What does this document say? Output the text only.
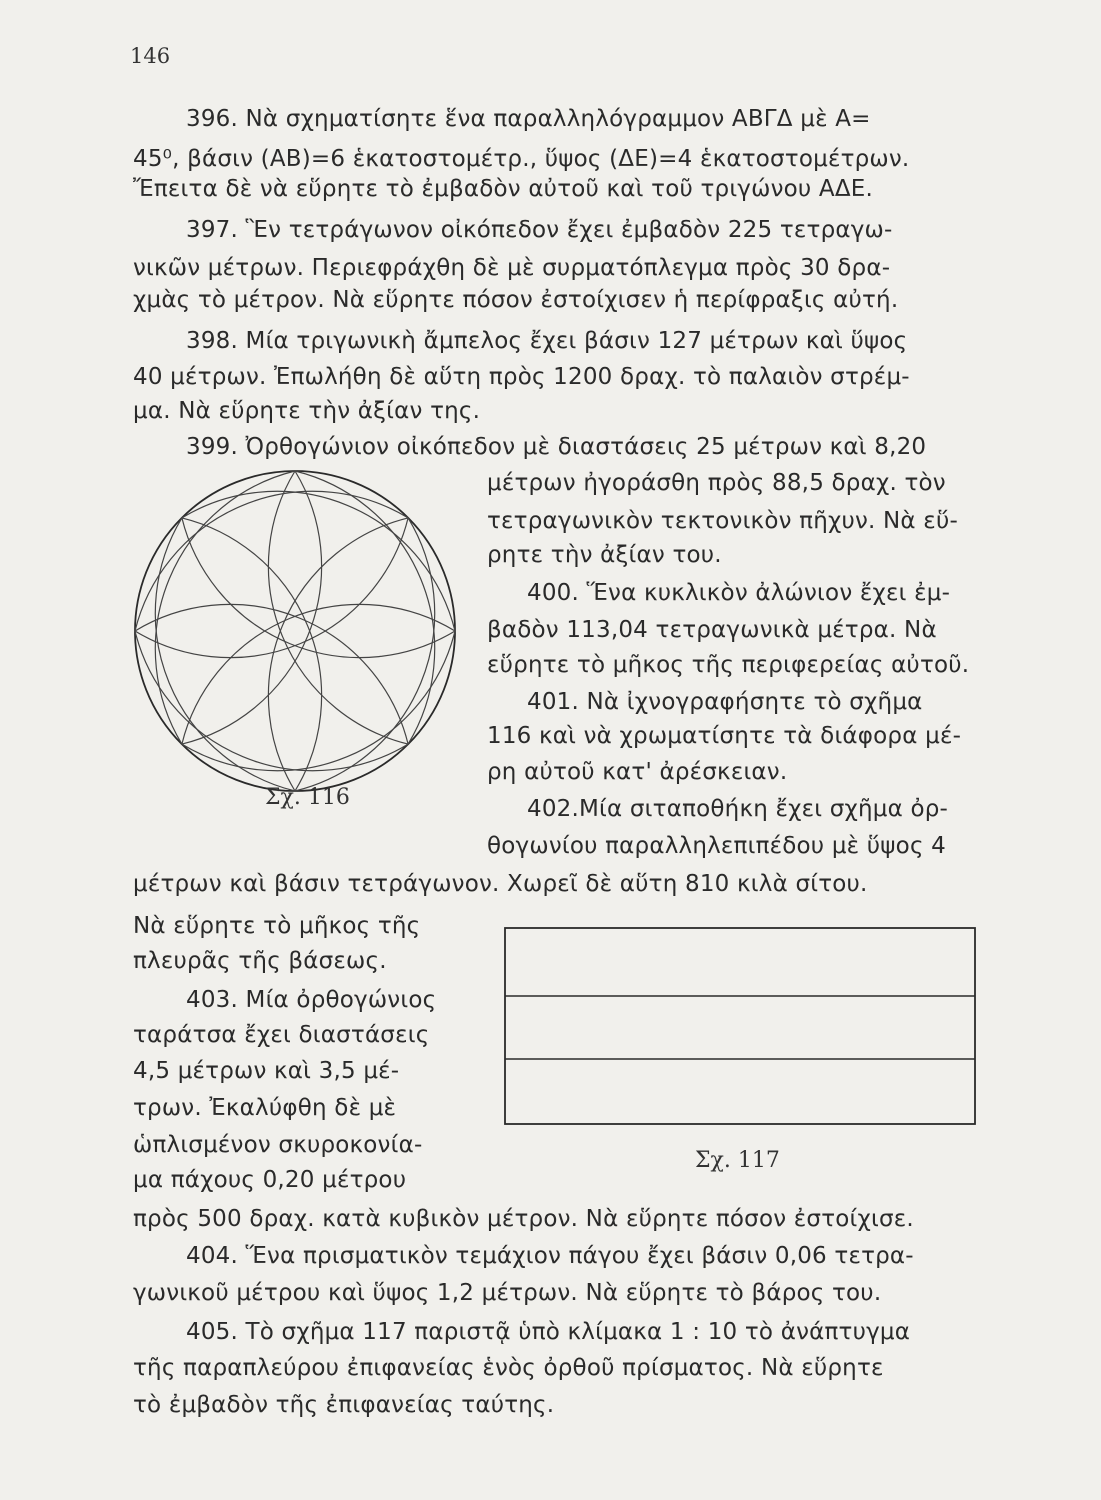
146
396. Νὰ σχηματίσητε ἕνα παραλληλόγραμμον ΑΒΓΔ μὲ Α=
45⁰, βάσιν (ΑΒ)=6 ἑκατοστομέτρ., ὕψος (ΔΕ)=4 ἑκατοστομέτρων.
Ἔπειτα δὲ νὰ εὕρητε τὸ ἐμβαδὸν αὐτοῦ καὶ τοῦ τριγώνου ΑΔΕ.
397. Ἓν τετράγωνον οἰκόπεδον ἔχει ἐμβαδὸν 225 τετραγω-
νικῶν μέτρων. Περιεφράχθη δὲ μὲ συρματόπλεγμα πρὸς 30 δρα-
χμὰς τὸ μέτρον. Νὰ εὕρητε πόσον ἐστοίχισεν ἡ περίφραξις αὐτή.
398. Μία τριγωνικὴ ἄμπελος ἔχει βάσιν 127 μέτρων καὶ ὕψος
40 μέτρων. Ἐπωλήθη δὲ αὕτη πρὸς 1200 δραχ. τὸ παλαιὸν στρέμ-
μα. Νὰ εὕρητε τὴν ἀξίαν της.
399. Ὀρθογώνιον οἰκόπεδον μὲ διαστάσεις 25 μέτρων καὶ 8,20
μέτρων ἠγοράσθη πρὸς 88,5 δραχ. τὸν
τετραγωνικὸν τεκτονικὸν πῆχυν. Νὰ εὕ-
ρητε τὴν ἀξίαν του.
400. Ἕνα κυκλικὸν ἀλώνιον ἔχει ἐμ-
βαδὸν 113,04 τετραγωνικὰ μέτρα. Νὰ
εὕρητε τὸ μῆκος τῆς περιφερείας αὐτοῦ.
401. Νὰ ἰχνογραφήσητε τὸ σχῆμα
116 καὶ νὰ χρωματίσητε τὰ διάφορα μέ-
ρη αὐτοῦ κατ' ἀρέσκειαν.
402.Μία σιταποθήκη ἔχει σχῆμα ὀρ-
θογωνίου παραλληλεπιπέδου μὲ ὕψος 4
μέτρων καὶ βάσιν τετράγωνον. Χωρεῖ δὲ αὕτη 810 κιλὰ σίτου.
Νὰ εὕρητε τὸ μῆκος τῆς
πλευρᾶς τῆς βάσεως.
403. Μία ὀρθογώνιος
ταράτσα ἔχει διαστάσεις
4,5 μέτρων καὶ 3,5 μέ-
τρων. Ἐκαλύφθη δὲ μὲ
ὡπλισμένον σκυροκονία-
μα πάχους 0,20 μέτρου
πρὸς 500 δραχ. κατὰ κυβικὸν μέτρον. Νὰ εὕρητε πόσον ἐστοίχισε.
404. Ἕνα πρισματικὸν τεμάχιον πάγου ἔχει βάσιν 0,06 τετρα-
γωνικοῦ μέτρου καὶ ὕψος 1,2 μέτρων. Νὰ εὕρητε τὸ βάρος του.
405. Τὸ σχῆμα 117 παριστᾷ ὑπὸ κλίμακα 1 : 10 τὸ ἀνάπτυγμα
τῆς παραπλεύρου ἐπιφανείας ἑνὸς ὀρθοῦ πρίσματος. Νὰ εὕρητε
τὸ ἐμβαδὸν τῆς ἐπιφανείας ταύτης.
Σχ. 116
Σχ. 117
